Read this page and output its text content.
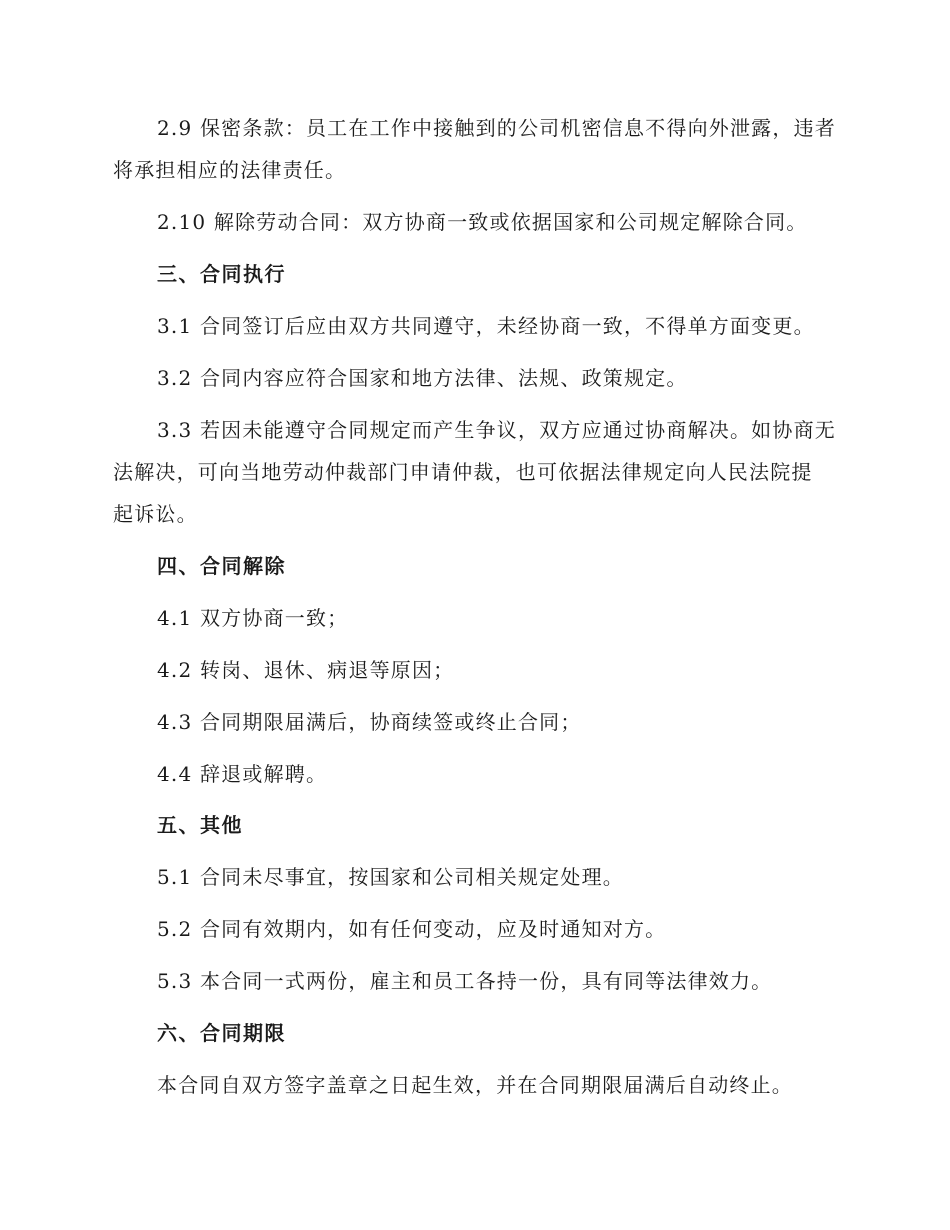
2.9 保密条款：员工在工作中接触到的公司机密信息不得向外泄露，违者
将承担相应的法律责任。
2.10 解除劳动合同：双方协商一致或依据国家和公司规定解除合同。
三、合同执行
3.1 合同签订后应由双方共同遵守，未经协商一致，不得单方面变更。
3.2 合同内容应符合国家和地方法律、法规、政策规定。
3.3 若因未能遵守合同规定而产生争议，双方应通过协商解决。如协商无
法解决，可向当地劳动仲裁部门申请仲裁，也可依据法律规定向人民法院提
起诉讼。
四、合同解除
4.1 双方协商一致；
4.2 转岗、退休、病退等原因；
4.3 合同期限届满后，协商续签或终止合同；
4.4 辞退或解聘。
五、其他
5.1 合同未尽事宜，按国家和公司相关规定处理。
5.2 合同有效期内，如有任何变动，应及时通知对方。
5.3 本合同一式两份，雇主和员工各持一份，具有同等法律效力。
六、合同期限
本合同自双方签字盖章之日起生效，并在合同期限届满后自动终止。
